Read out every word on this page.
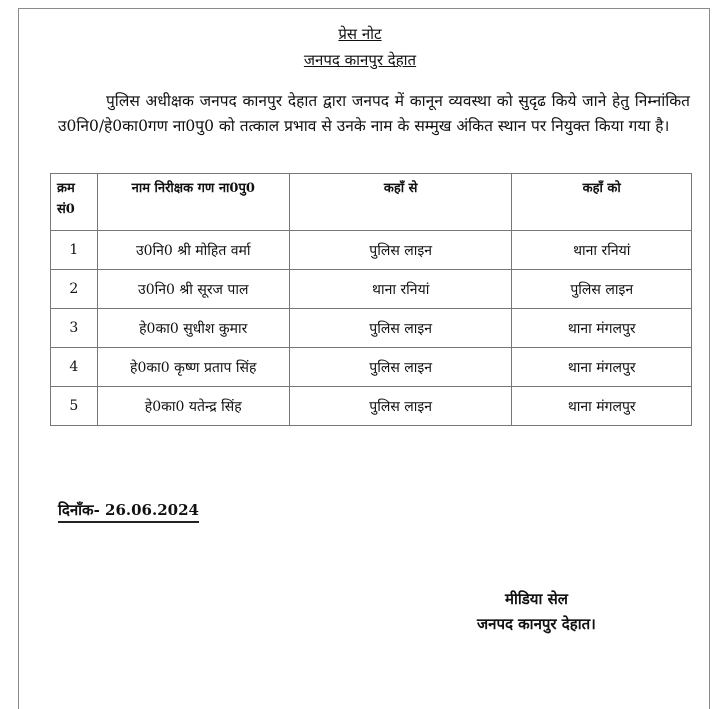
प्रेस नोट
जनपद कानपुर देहात
पुलिस अधीक्षक जनपद कानपुर देहात द्वारा जनपद में कानून व्यवस्था को सुदृढ किये जाने हेतु निम्नांकित उ0नि0/हे0का0गण ना0पु0 को तत्काल प्रभाव से उनके नाम के सम्मुख अंकित स्थान पर नियुक्त किया गया है।
क्रम सं0	नाम निरीक्षक गण ना0पु0	कहाँ से	कहाँ को
1	उ0नि0 श्री मोहित वर्मा	पुलिस लाइन	थाना रनियां
2	उ0नि0 श्री सूरज पाल	थाना रनियां	पुलिस लाइन
3	हे0का0 सुधीश कुमार	पुलिस लाइन	थाना मंगलपुर
4	हे0का0 कृष्ण प्रताप सिंह	पुलिस लाइन	थाना मंगलपुर
5	हे0का0 यतेन्द्र सिंह	पुलिस लाइन	थाना मंगलपुर
दिनाँक- 26.06.2024
मीडिया सेल
जनपद कानपुर देहात।
